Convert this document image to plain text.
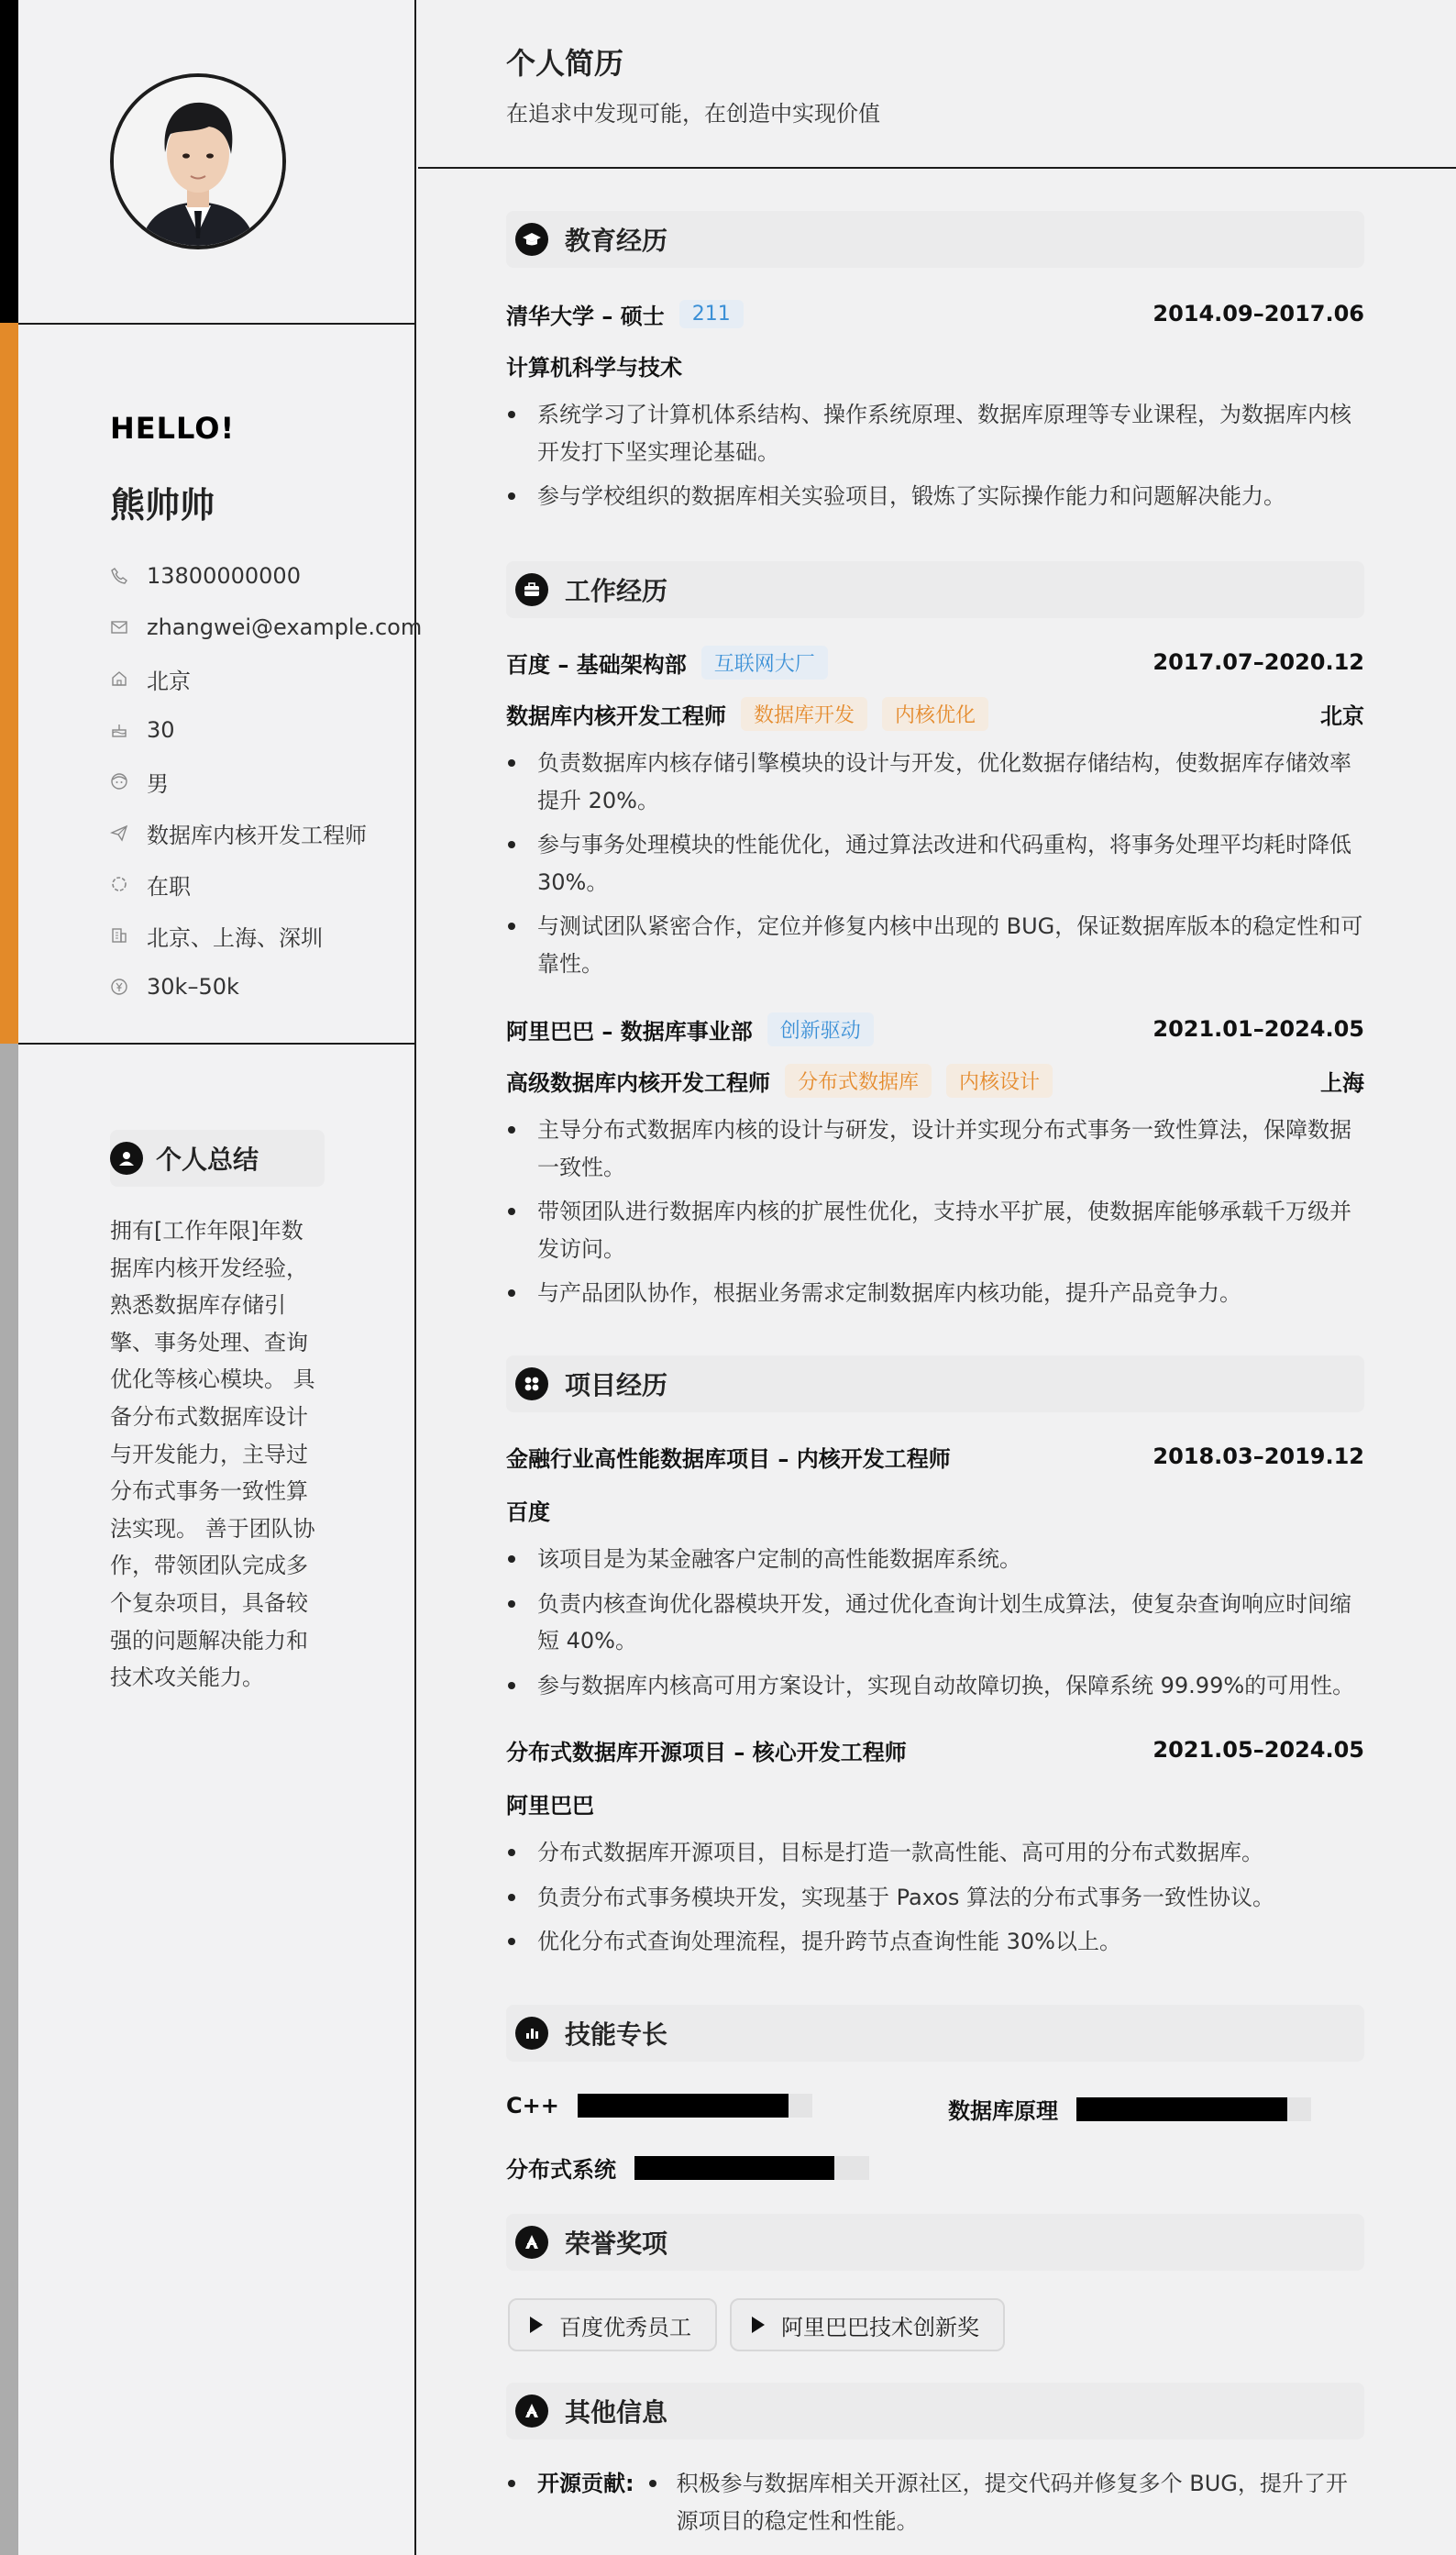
HELLO!
熊帅帅
13800000000
zhangwei@example.com
北京
30
男
数据库内核开发工程师
在职
北京、上海、深圳
30k–50k
个人总结

拥有[工作年限]年数据库内核开发经验，熟悉数据库存储引擎、事务处理、查询优化等核心模块。 具备分布式数据库设计与开发能力，主导过分布式事务一致性算法实现。 善于团队协作，带领团队完成多个复杂项目，具备较强的问题解决能力和技术攻关能力。

个人简历
在追求中发现可能，在创造中实现价值
教育经历
清华大学 – 硕士	211	2014.09–2017.06
计算机科学与技术
系统学习了计算机体系结构、操作系统原理、数据库原理等专业课程，为数据库内核开发打下坚实理论基础。
参与学校组织的数据库相关实验项目，锻炼了实际操作能力和问题解决能力。
工作经历
百度 – 基础架构部	互联网大厂	2017.07–2020.12
数据库内核开发工程师	数据库开发	内核优化	北京
负责数据库内核存储引擎模块的设计与开发，优化数据存储结构，使数据库存储效率提升 20%。
参与事务处理模块的性能优化，通过算法改进和代码重构，将事务处理平均耗时降低 30%。
与测试团队紧密合作，定位并修复内核中出现的 BUG，保证数据库版本的稳定性和可靠性。
阿里巴巴 – 数据库事业部	创新驱动	2021.01–2024.05
高级数据库内核开发工程师	分布式数据库	内核设计	上海
主导分布式数据库内核的设计与研发，设计并实现分布式事务一致性算法，保障数据一致性。
带领团队进行数据库内核的扩展性优化，支持水平扩展，使数据库能够承载千万级并发访问。
与产品团队协作，根据业务需求定制数据库内核功能，提升产品竞争力。
项目经历
金融行业高性能数据库项目 – 内核开发工程师	2018.03–2019.12
百度
该项目是为某金融客户定制的高性能数据库系统。
负责内核查询优化器模块开发，通过优化查询计划生成算法，使复杂查询响应时间缩短 40%。
参与数据库内核高可用方案设计，实现自动故障切换，保障系统 99.99%的可用性。
分布式数据库开源项目 – 核心开发工程师	2021.05–2024.05
阿里巴巴
分布式数据库开源项目，目标是打造一款高性能、高可用的分布式数据库。
负责分布式事务模块开发，实现基于 Paxos 算法的分布式事务一致性协议。
优化分布式查询处理流程，提升跨节点查询性能 30%以上。
技能专长
C++	数据库原理
分布式系统
荣誉奖项
百度优秀员工	阿里巴巴技术创新奖
其他信息
开源贡献:	积极参与数据库相关开源社区，提交代码并修复多个 BUG，提升了开源项目的稳定性和性能。
